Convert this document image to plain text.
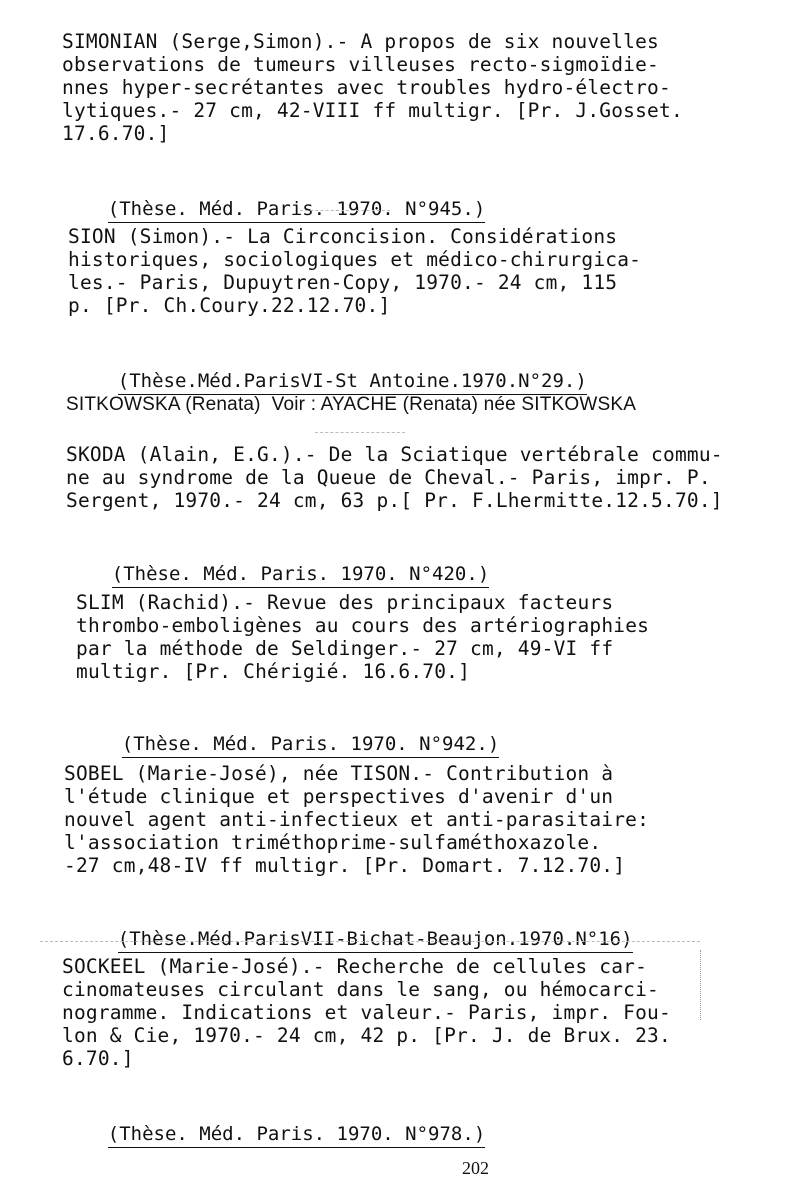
SIMONIAN (Serge,Simon).- A propos de six nouvelles
observations de tumeurs villeuses recto-sigmoïdie-
nnes hyper-secrétantes avec troubles hydro-électro-
lytiques.- 27 cm, 42-VIII ff multigr. [Pr. J.Gosset.
17.6.70.]

(Thèse. Méd. Paris. 1970. N°945.)

SION (Simon).- La Circoncision. Considérations
historiques, sociologiques et médico-chirurgica-
les.- Paris, Dupuytren-Copy, 1970.- 24 cm, 115
p. [Pr. Ch.Coury.22.12.70.]

(Thèse.Méd.ParisVI-St Antoine.1970.N°29.)

SITKOWSKA (Renata)  Voir : AYACHE (Renata) née SITKOWSKA
SKODA (Alain, E.G.).- De la Sciatique vertébrale commu-
ne au syndrome de la Queue de Cheval.- Paris, impr. P.
Sergent, 1970.- 24 cm, 63 p.[ Pr. F.Lhermitte.12.5.70.]

(Thèse. Méd. Paris. 1970. N°420.)

SLIM (Rachid).- Revue des principaux facteurs
thrombo-emboligènes au cours des artériographies
par la méthode de Seldinger.- 27 cm, 49-VI ff
multigr. [Pr. Chérigié. 16.6.70.]

(Thèse. Méd. Paris. 1970. N°942.)

SOBEL (Marie-José), née TISON.- Contribution à
l'étude clinique et perspectives d'avenir d'un
nouvel agent anti-infectieux et anti-parasitaire:
l'association triméthoprime-sulfaméthoxazole.
-27 cm,48-IV ff multigr. [Pr. Domart. 7.12.70.]

(Thèse.Méd.ParisVII-Bichat-Beaujon.1970.N°16)

SOCKEEL (Marie-José).- Recherche de cellules car-
cinomateuses circulant dans le sang, ou hémocarci-
nogramme. Indications et valeur.- Paris, impr. Fou-
lon & Cie, 1970.- 24 cm, 42 p. [Pr. J. de Brux. 23.
6.70.]

(Thèse. Méd. Paris. 1970. N°978.)

202
